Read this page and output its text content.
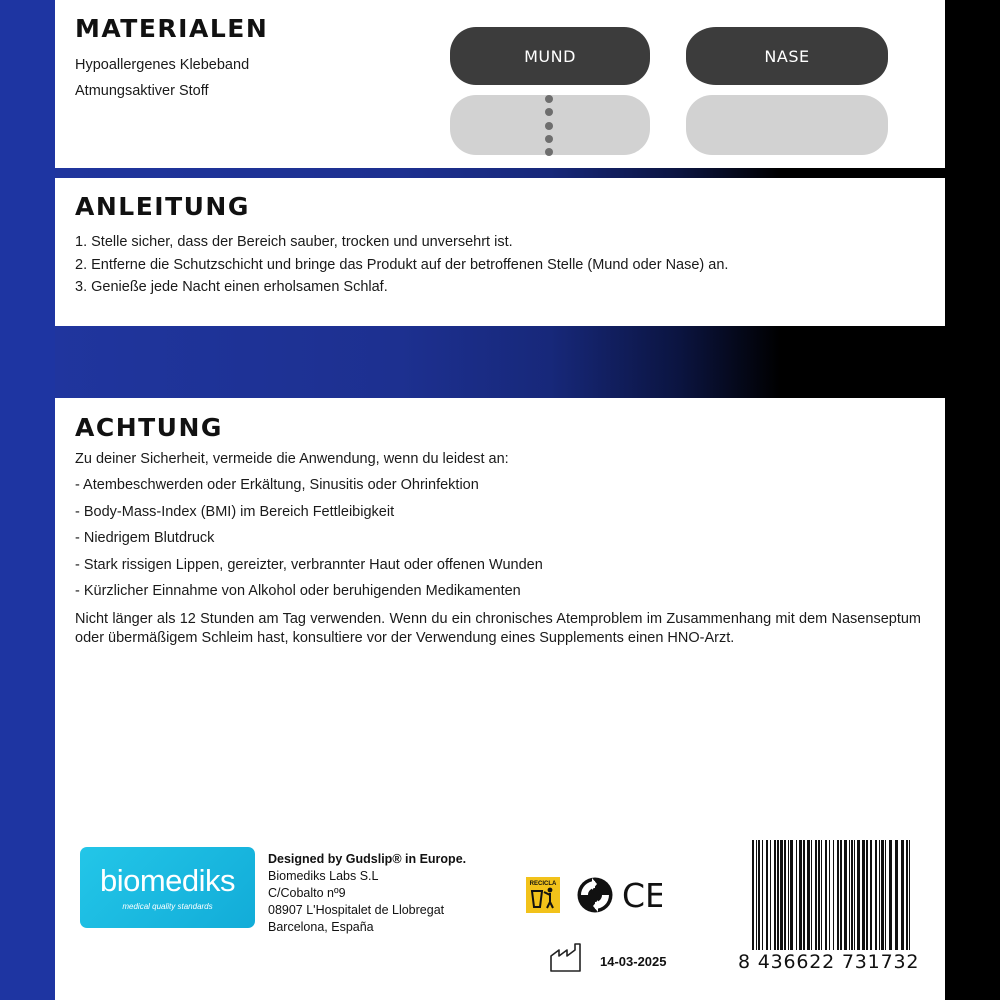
MATERIALEN
Hypoallergenes Klebeband
Atmungsaktiver Stoff
MUND	NASE
ANLEITUNG
1. Stelle sicher, dass der Bereich sauber, trocken und unversehrt ist.
2. Entferne die Schutzschicht und bringe das Produkt auf der betroffenen Stelle (Mund oder Nase) an.
3. Genieße jede Nacht einen erholsamen Schlaf.
ACHTUNG
Zu deiner Sicherheit, vermeide die Anwendung, wenn du leidest an:
- Atembeschwerden oder Erkältung, Sinusitis oder Ohrinfektion
- Body-Mass-Index (BMI) im Bereich Fettleibigkeit
- Niedrigem Blutdruck
- Stark rissigen Lippen, gereizter, verbrannter Haut oder offenen Wunden
- Kürzlicher Einnahme von Alkohol oder beruhigenden Medikamenten
Nicht länger als 12 Stunden am Tag verwenden. Wenn du ein chronisches Atemproblem im Zusammenhang mit dem Nasenseptum oder übermäßigem Schleim hast, konsultiere vor der Verwendung eines Supplements einen HNO-Arzt.
biomediks
medical quality standards
Designed by Gudslip® in Europe.
Biomediks Labs S.L
C/Cobalto nº9
08907 L'Hospitalet de Llobregat
Barcelona, España
RECICLA CE
14-03-2025	8 436622 731732
